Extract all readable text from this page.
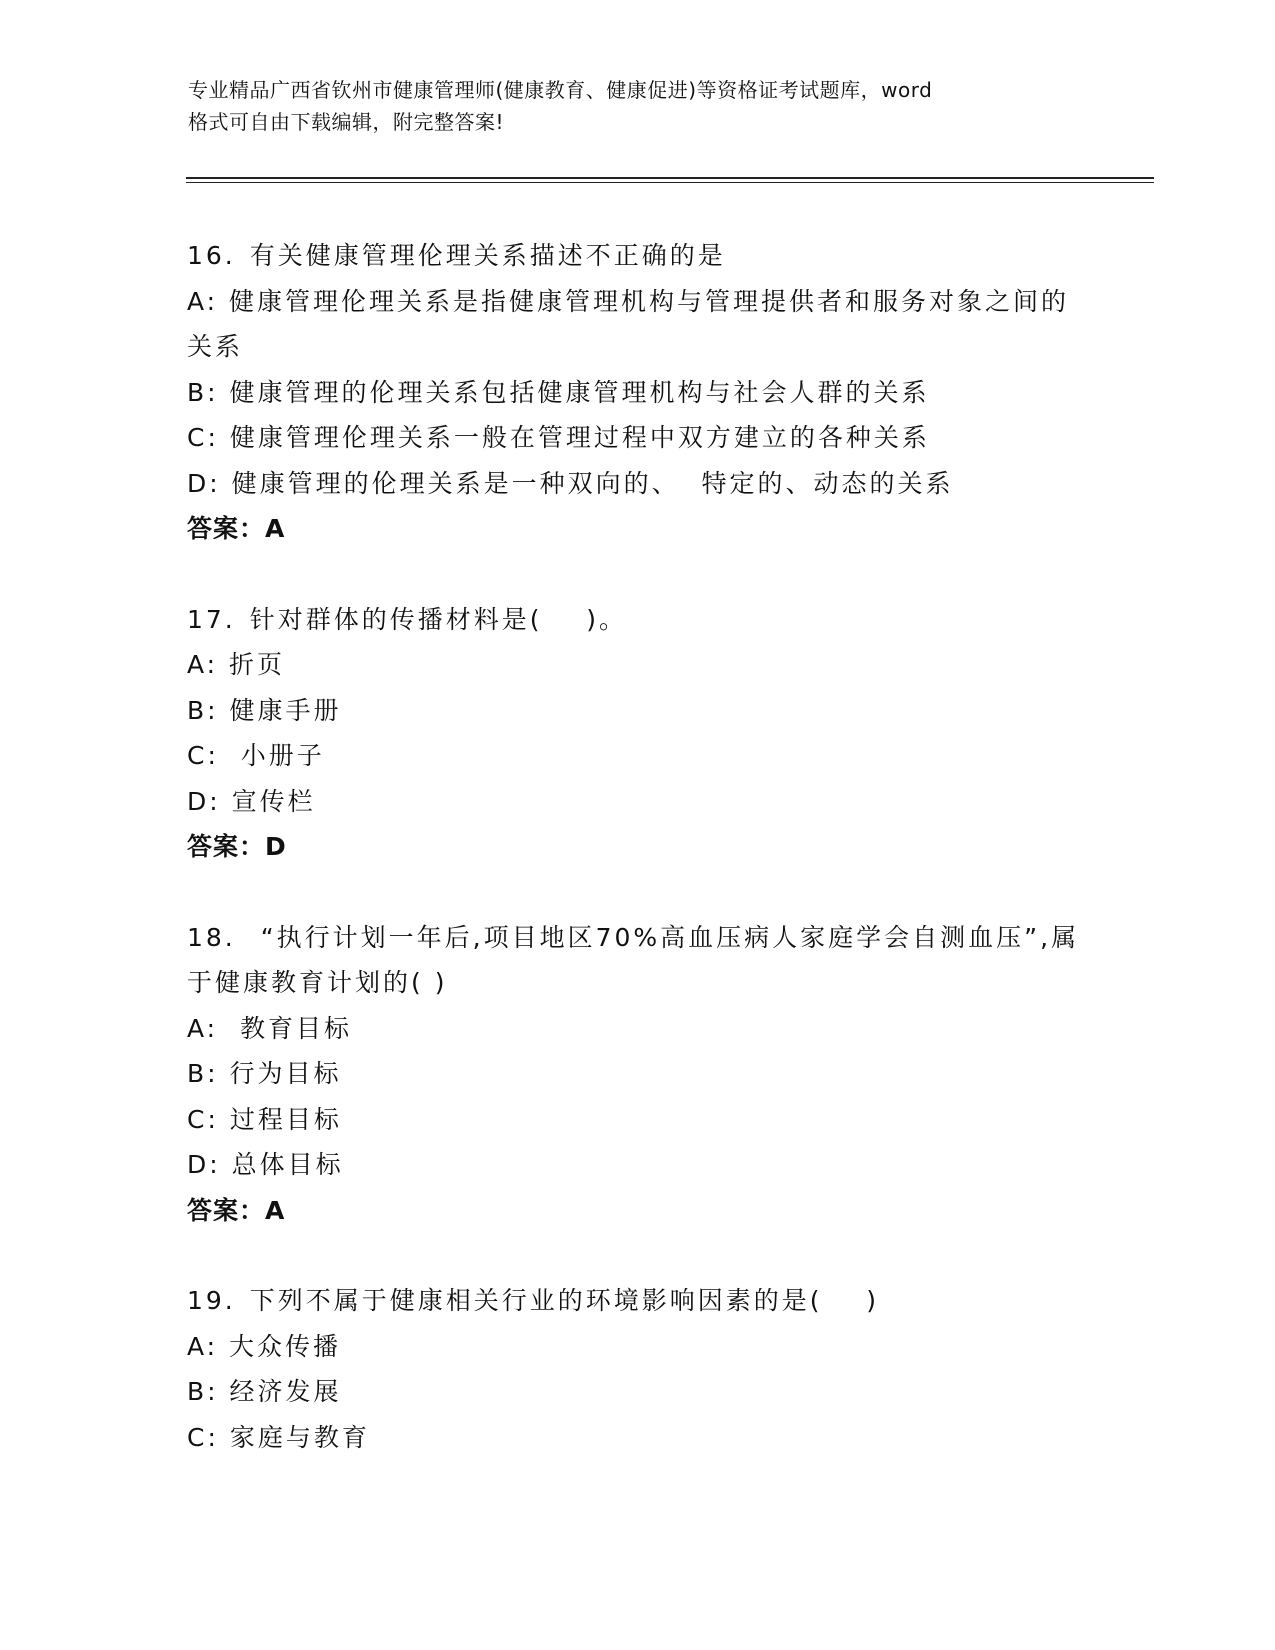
专业精品广西省钦州市健康管理师(健康教育、健康促进)等资格证考试题库，word
格式可自由下载编辑，附完整答案!
16. 有关健康管理伦理关系描述不正确的是
A: 健康管理伦理关系是指健康管理机构与管理提供者和服务对象之间的关系
B: 健康管理的伦理关系包括健康管理机构与社会人群的关系
C: 健康管理伦理关系一般在管理过程中双方建立的各种关系
D: 健康管理的伦理关系是一种双向的、  特定的、动态的关系
答案：A
17. 针对群体的传播材料是(    )。
A: 折页
B: 健康手册
C:  小册子
D: 宣传栏
答案：D
18. “执行计划一年后,项目地区70%高血压病人家庭学会自测血压”,属于健康教育计划的( )
A:  教育目标
B: 行为目标
C: 过程目标
D: 总体目标
答案：A
19. 下列不属于健康相关行业的环境影响因素的是(    )
A: 大众传播
B: 经济发展
C: 家庭与教育
